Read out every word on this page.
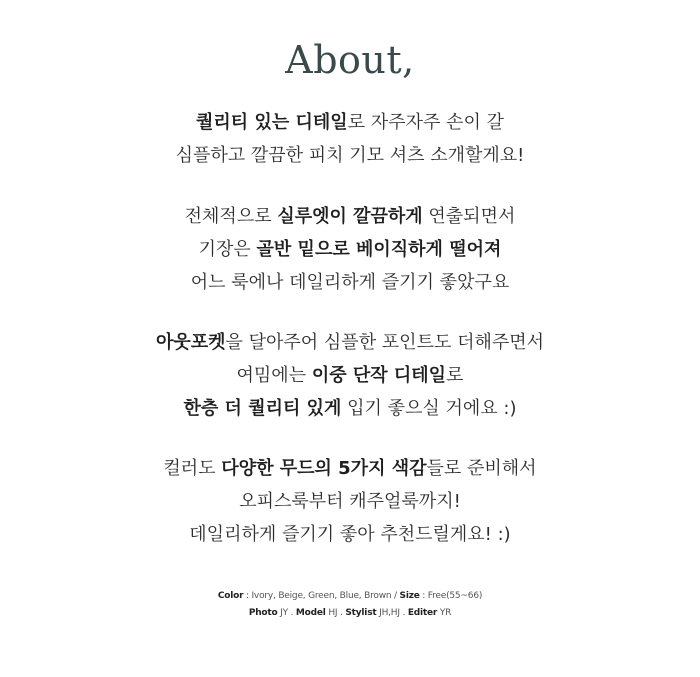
About,
퀄리티 있는 디테일로 자주자주 손이 갈
심플하고 깔끔한 피치 기모 셔츠 소개할게요!
전체적으로 실루엣이 깔끔하게 연출되면서
기장은 골반 밑으로 베이직하게 떨어져
어느 룩에나 데일리하게 즐기기 좋았구요
아웃포켓을 달아주어 심플한 포인트도 더해주면서
여밈에는 이중 단작 디테일로
한층 더 퀄리티 있게 입기 좋으실 거에요 :)
컬러도 다양한 무드의 5가지 색감들로 준비해서
오피스룩부터 캐주얼룩까지!
데일리하게 즐기기 좋아 추천드릴게요! :)
Color : Ivory, Beige, Green, Blue, Brown / Size : Free(55~66)
Photo JY . Model HJ . Stylist JH,HJ . Editer YR
